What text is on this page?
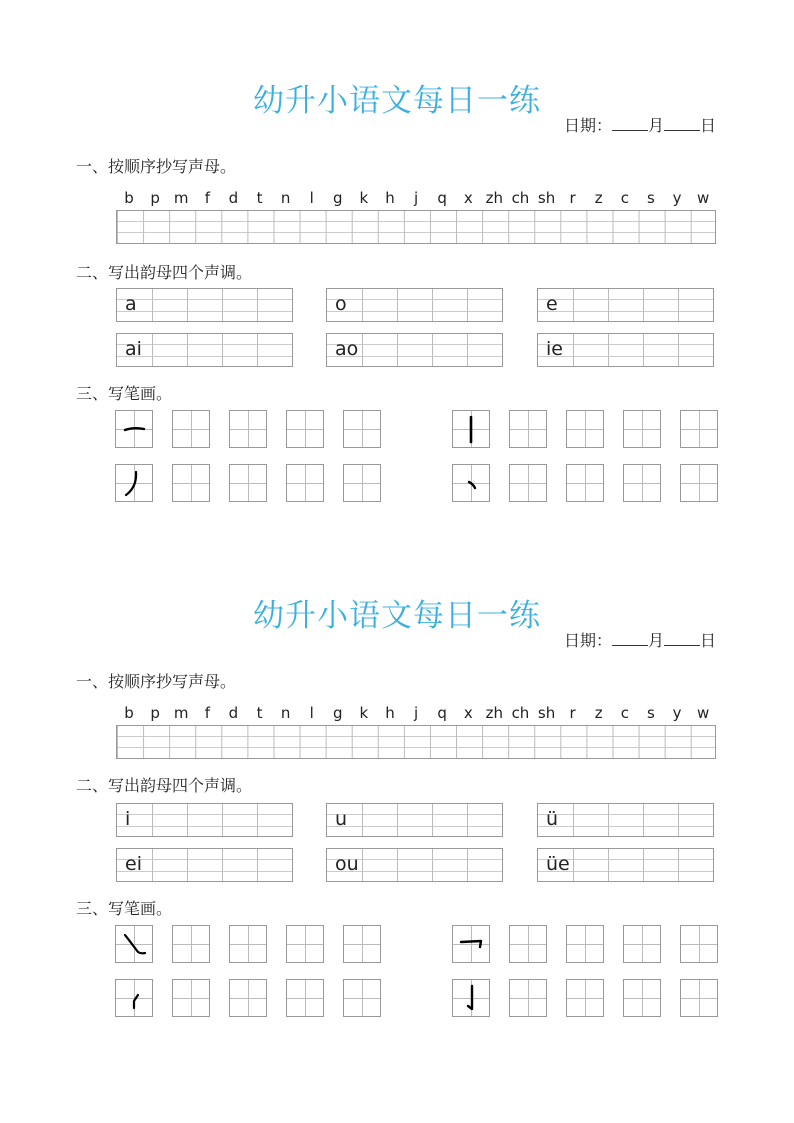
幼升小语文每日一练
日期： 月 日
一、按顺序抄写声母。
b	p m	f	d	t	n	l	g	k	h	j	q	x zh ch sh r	z	c	s	y	w
二、写出韵母四个声调。
a	o	e
ai	ao	ie
三、写笔画。
幼升小语文每日一练
日期： 月 日
一、按顺序抄写声母。
b	p m	f	d	t	n	l	g	k	h	j	q	x zh ch sh r	z	c	s	y	w
二、写出韵母四个声调。
i	u	ü
ei	ou	üe
三、写笔画。
